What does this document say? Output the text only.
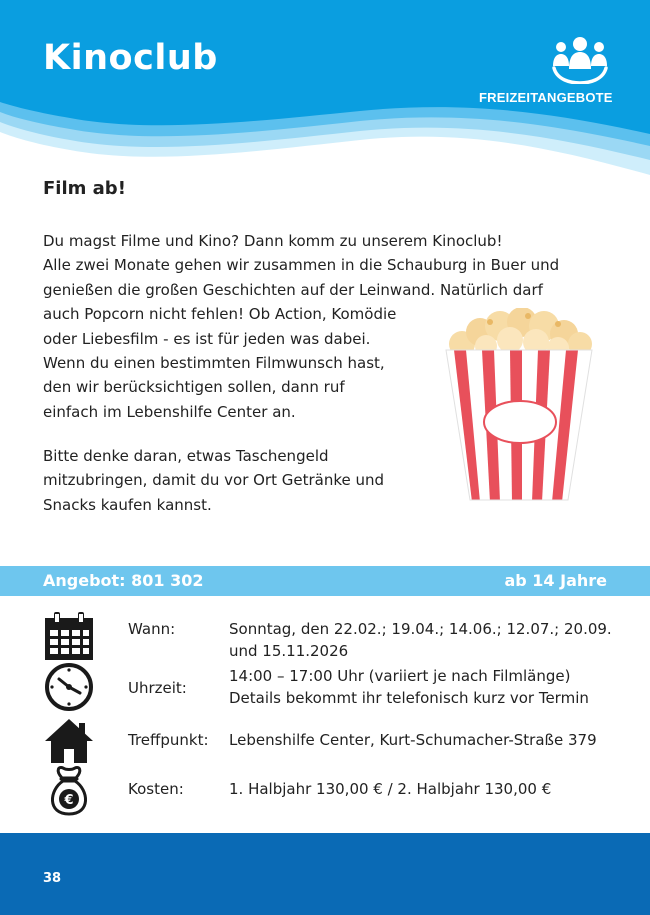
Kinoclub
FREIZEITANGEBOTE
Film ab!
Du magst Filme und Kino? Dann komm zu unserem Kinoclub!
Alle zwei Monate gehen wir zusammen in die Schauburg in Buer und
genießen die großen Geschichten auf der Leinwand. Natürlich darf
auch Popcorn nicht fehlen! Ob Action, Komödie
oder Liebesfilm - es ist für jeden was dabei.
Wenn du einen bestimmten Filmwunsch hast,
den wir berücksichtigen sollen, dann ruf
einfach im Lebenshilfe Center an.
Bitte denke daran, etwas Taschengeld
mitzubringen, damit du vor Ort Getränke und
Snacks kaufen kannst.
Angebot: 801 302	ab 14 Jahre
Wann:	Sonntag, den 22.02.; 19.04.; 14.06.; 12.07.; 20.09.
und 15.11.2026
Uhrzeit:
14:00 – 17:00 Uhr (variiert je nach Filmlänge)
Details bekommt ihr telefonisch kurz vor Termin
Treffpunkt: Lebenshilfe Center, Kurt-Schumacher-Straße 379
€
Kosten:	1. Halbjahr 130,00 € / 2. Halbjahr 130,00 €
38
